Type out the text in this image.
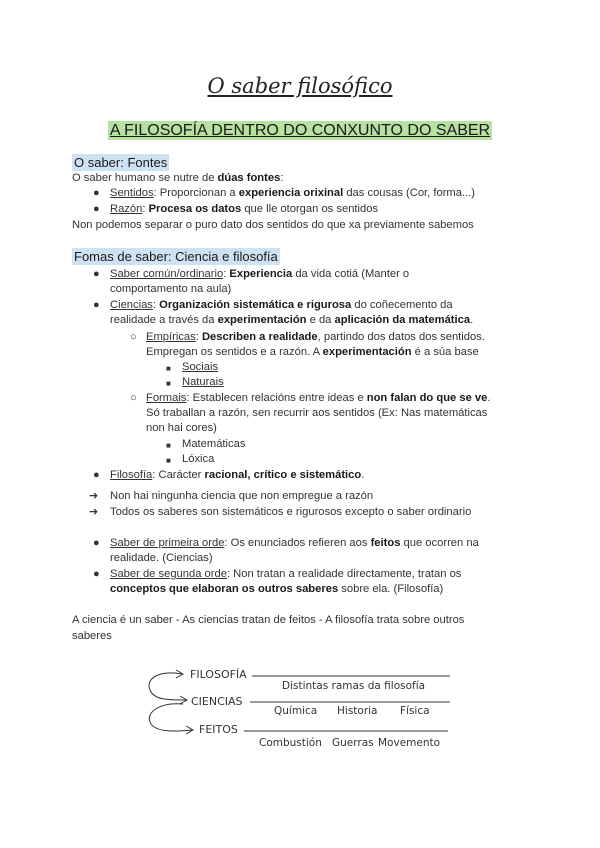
O saber filosófico
A FILOSOFÍA DENTRO DO CONXUNTO DO SABER
O saber: Fontes
O saber humano se nutre de dúas fontes:
● Sentidos: Proporcionan a experiencia orixinal das cousas (Cor, forma...)
● Razón: Procesa os datos que lle otorgan os sentidos
Non podemos separar o puro dato dos sentidos do que xa previamente sabemos
Fomas de saber: Ciencia e filosofía
● Saber común/ordinario: Experiencia da vida cotiá (Manter o
comportamento na aula)
● Ciencias: Organización sistemática e rigurosa do coñecemento da
realidade a través da experimentación e da aplicación da matemática.
○ Empíricas: Describen a realidade, partindo dos datos dos sentidos.
Empregan os sentidos e a razón. A experimentación é a súa base
■ Sociais
■ Naturais
○ Formais: Establecen relacións entre ideas e non falan do que se ve.
Só traballan a razón, sen recurrir aos sentidos (Ex: Nas matemáticas
non hai cores)
■ Matemáticas
■ Lóxica
● Filosofía: Carácter racional, crítico e sistemático.
➔ Non hai ningunha ciencia que non empregue a razón
➔ Todos os saberes son sistemáticos e rigurosos excepto o saber ordinario
● Saber de primeira orde: Os enunciados refieren aos feitos que ocorren na
realidade. (Ciencias)
● Saber de segunda orde: Non tratan a realidade directamente, tratan os
conceptos que elaboran os outros saberes sobre ela. (Filosofía)
A ciencia é un saber - As ciencias tratan de feitos - A filosofía trata sobre outros
saberes
FILOSOFÍA
CIENCIAS
FEITOS
Distintas ramas da filosofía
Química Historia Física
Combustión Guerras Movemento
